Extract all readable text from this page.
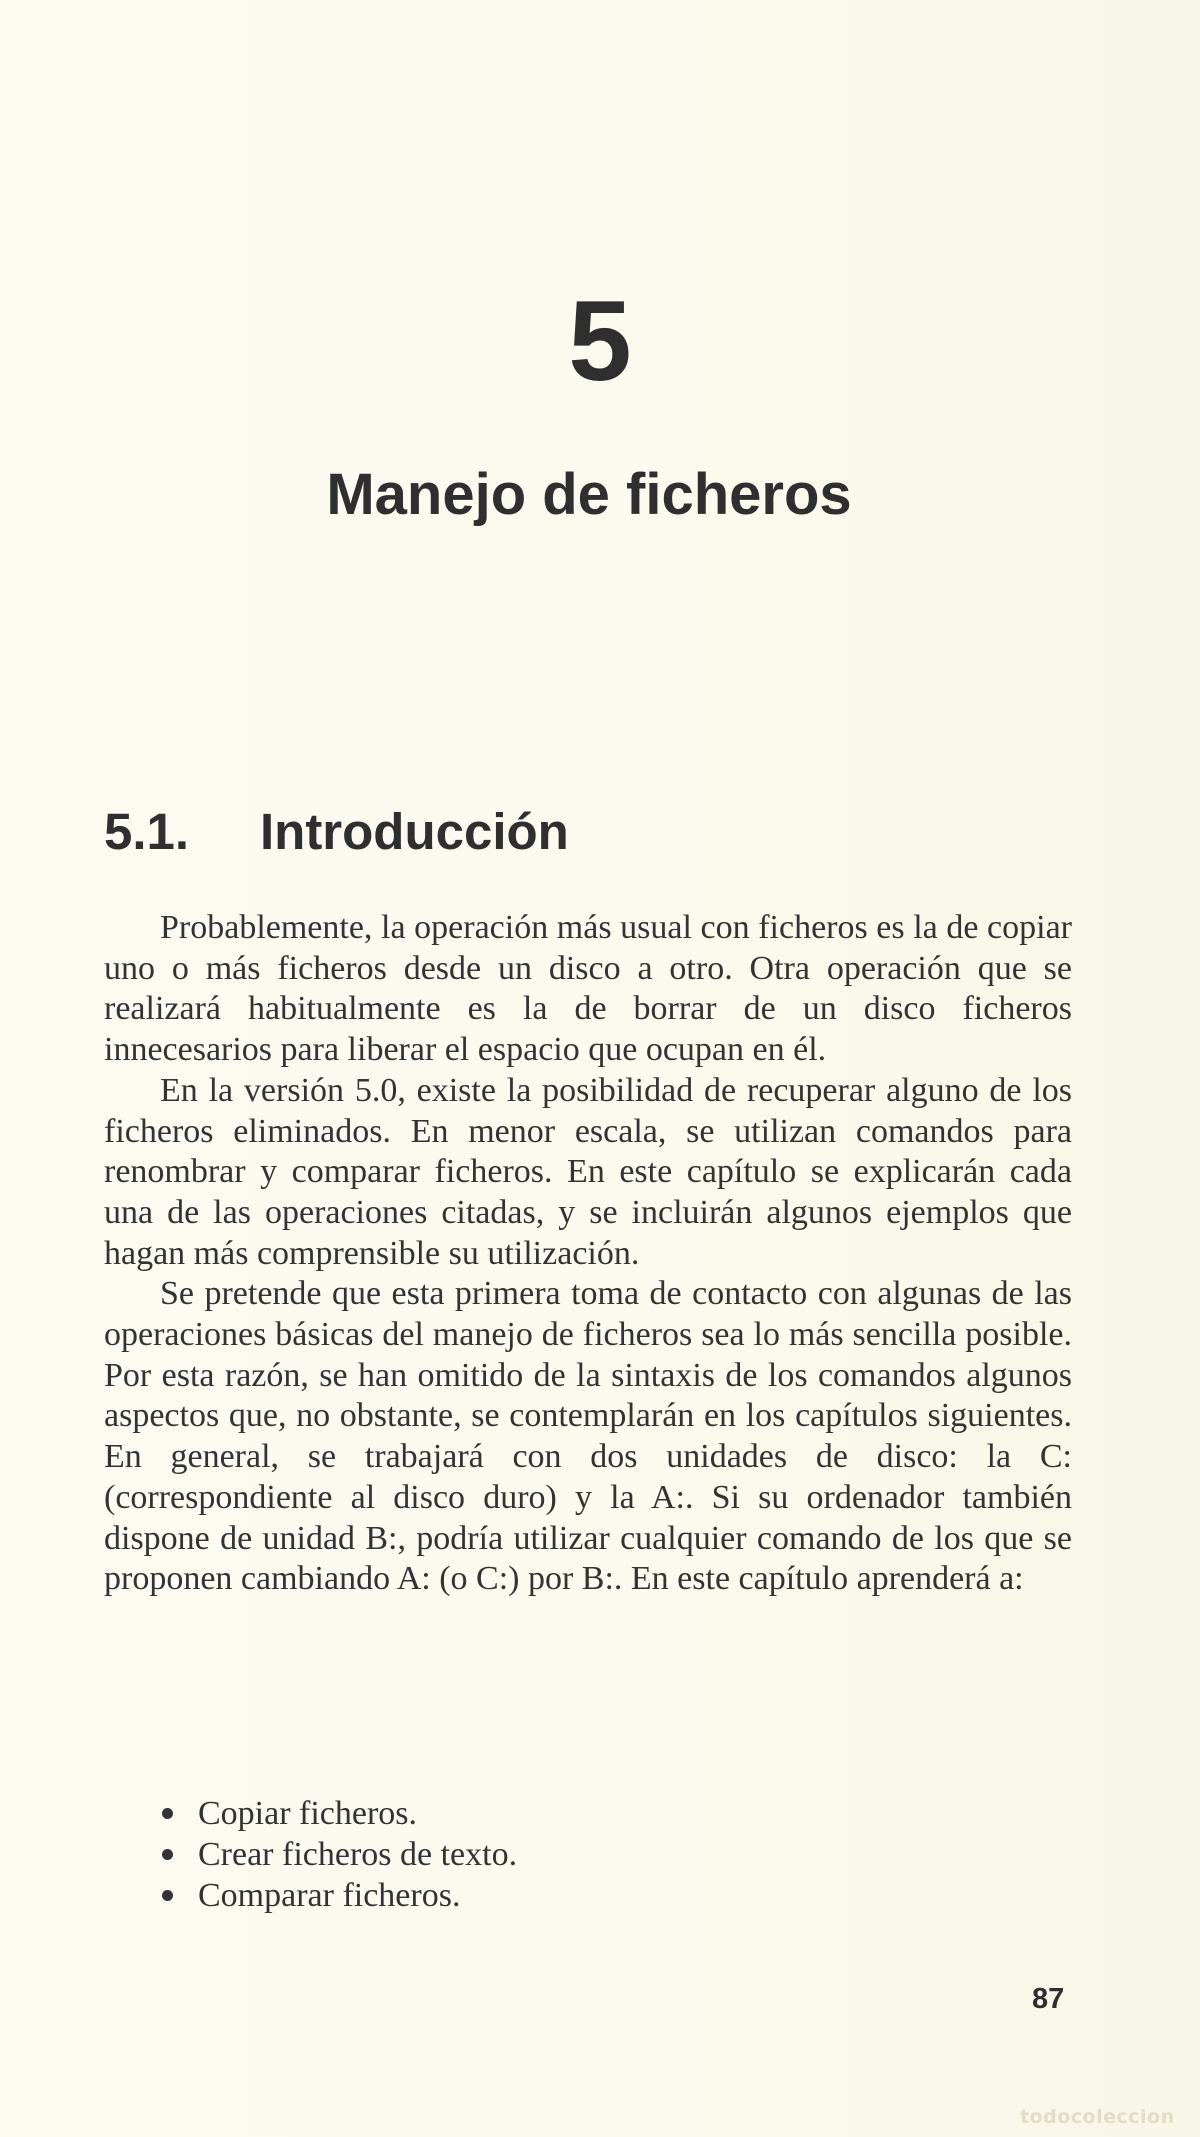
5
Manejo de ficheros
5.1. Introducción

Probablemente, la operación más usual con ficheros es la de copiar uno o más ficheros desde un disco a otro. Otra operación que se realizará habitualmente es la de borrar de un disco ficheros innecesarios para liberar el espacio que ocupan en él.

En la versión 5.0, existe la posibilidad de recuperar alguno de los ficheros eliminados. En menor escala, se utilizan comandos para renombrar y comparar ficheros. En este capítulo se explicarán cada una de las operaciones citadas, y se incluirán algunos ejemplos que hagan más comprensible su utilización.

Se pretende que esta primera toma de contacto con algunas de las operaciones básicas del manejo de ficheros sea lo más sencilla posible. Por esta razón, se han omitido de la sintaxis de los comandos algunos aspectos que, no obstante, se contemplarán en los capítulos siguientes. En general, se trabajará con dos unidades de disco: la C: (correspondiente al disco duro) y la A:. Si su ordenador también dispone de unidad B:, podría utilizar cualquier comando de los que se proponen cambiando A: (o C:) por B:. En este capítulo aprenderá a:

Copiar ficheros.
Crear ficheros de texto.
Comparar ficheros.
87
todocoleccion
